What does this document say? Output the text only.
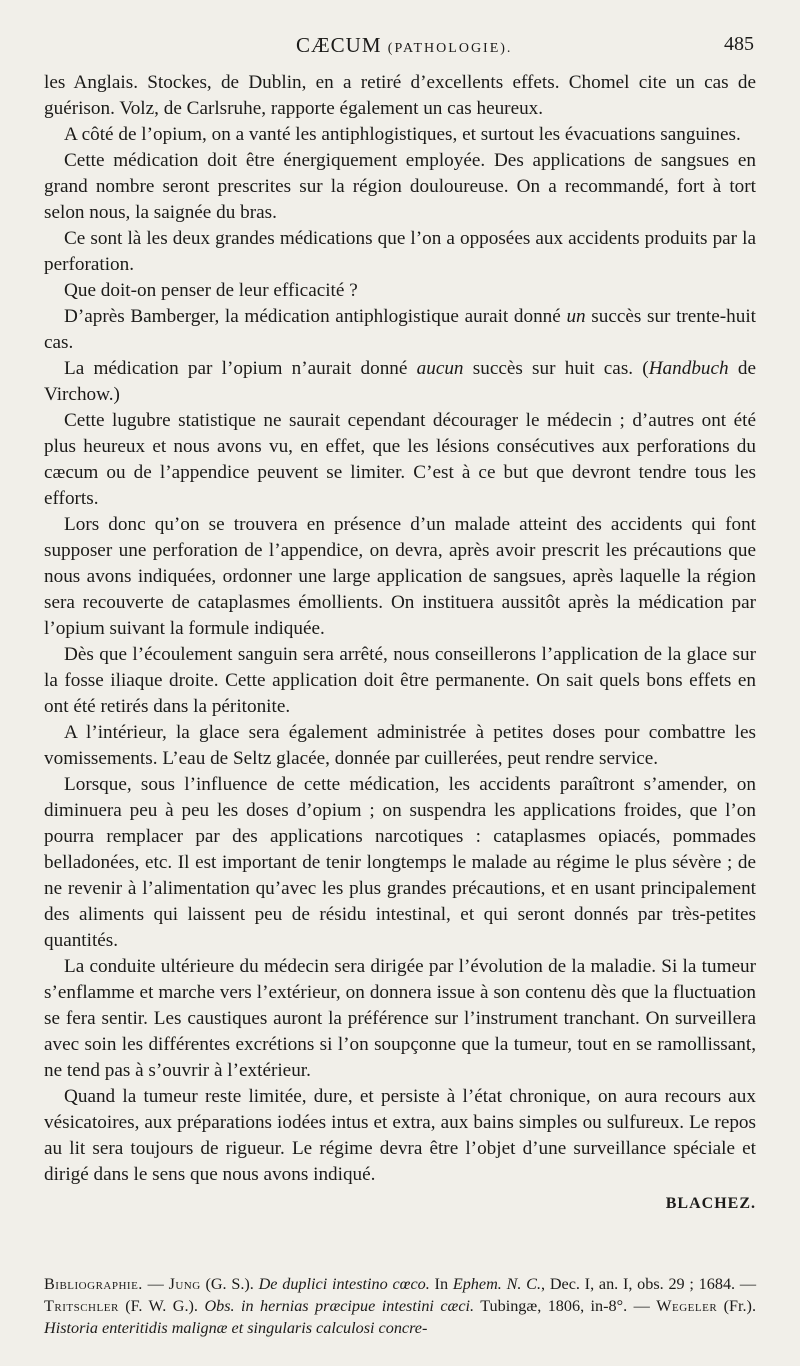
CÆCUM (PATHOLOGIE).	485

les Anglais. Stockes, de Dublin, en a retiré d’excellents effets. Chomel cite un cas de guérison. Volz, de Carlsruhe, rapporte également un cas heureux.

A côté de l’opium, on a vanté les antiphlogistiques, et surtout les évacuations sanguines.

Cette médication doit être énergiquement employée. Des applications de sangsues en grand nombre seront prescrites sur la région douloureuse. On a recommandé, fort à tort selon nous, la saignée du bras.

Ce sont là les deux grandes médications que l’on a opposées aux accidents produits par la perforation.

Que doit-on penser de leur efficacité ?

D’après Bamberger, la médication antiphlogistique aurait donné un succès sur trente-huit cas.

La médication par l’opium n’aurait donné aucun succès sur huit cas. (Handbuch de Virchow.)

Cette lugubre statistique ne saurait cependant décourager le médecin ; d’autres ont été plus heureux et nous avons vu, en effet, que les lésions consécutives aux perforations du cæcum ou de l’appendice peuvent se limiter. C’est à ce but que devront tendre tous les efforts.

Lors donc qu’on se trouvera en présence d’un malade atteint des accidents qui font supposer une perforation de l’appendice, on devra, après avoir prescrit les précautions que nous avons indiquées, ordonner une large application de sangsues, après laquelle la région sera recouverte de cataplasmes émollients. On instituera aussitôt après la médication par l’opium suivant la formule indiquée.

Dès que l’écoulement sanguin sera arrêté, nous conseillerons l’application de la glace sur la fosse iliaque droite. Cette application doit être permanente. On sait quels bons effets en ont été retirés dans la péritonite.

A l’intérieur, la glace sera également administrée à petites doses pour combattre les vomissements. L’eau de Seltz glacée, donnée par cuillerées, peut rendre service.

Lorsque, sous l’influence de cette médication, les accidents paraîtront s’amender, on diminuera peu à peu les doses d’opium ; on suspendra les applications froides, que l’on pourra remplacer par des applications narcotiques : cataplasmes opiacés, pommades belladonées, etc. Il est important de tenir longtemps le malade au régime le plus sévère ; de ne revenir à l’alimentation qu’avec les plus grandes précautions, et en usant principalement des aliments qui laissent peu de résidu intestinal, et qui seront donnés par très-petites quantités.

La conduite ultérieure du médecin sera dirigée par l’évolution de la maladie. Si la tumeur s’enflamme et marche vers l’extérieur, on donnera issue à son contenu dès que la fluctuation se fera sentir. Les caustiques auront la préférence sur l’instrument tranchant. On surveillera avec soin les différentes excrétions si l’on soupçonne que la tumeur, tout en se ramollissant, ne tend pas à s’ouvrir à l’extérieur.

Quand la tumeur reste limitée, dure, et persiste à l’état chronique, on aura recours aux vésicatoires, aux préparations iodées intus et extra, aux bains simples ou sulfureux. Le repos au lit sera toujours de rigueur. Le régime devra être l’objet d’une surveillance spéciale et dirigé dans le sens que nous avons indiqué.

BLACHEZ.
Bibliographie. — Jung (G. S.). De duplici intestino cœco. In Ephem. N. C., Dec. I, an. I, obs. 29 ; 1684. — Tritschler (F. W. G.). Obs. in hernias præcipue intestini cæci. Tubingæ, 1806, in-8°. — Wegeler (Fr.). Historia enteritidis malignæ et singularis calculosi concre-
